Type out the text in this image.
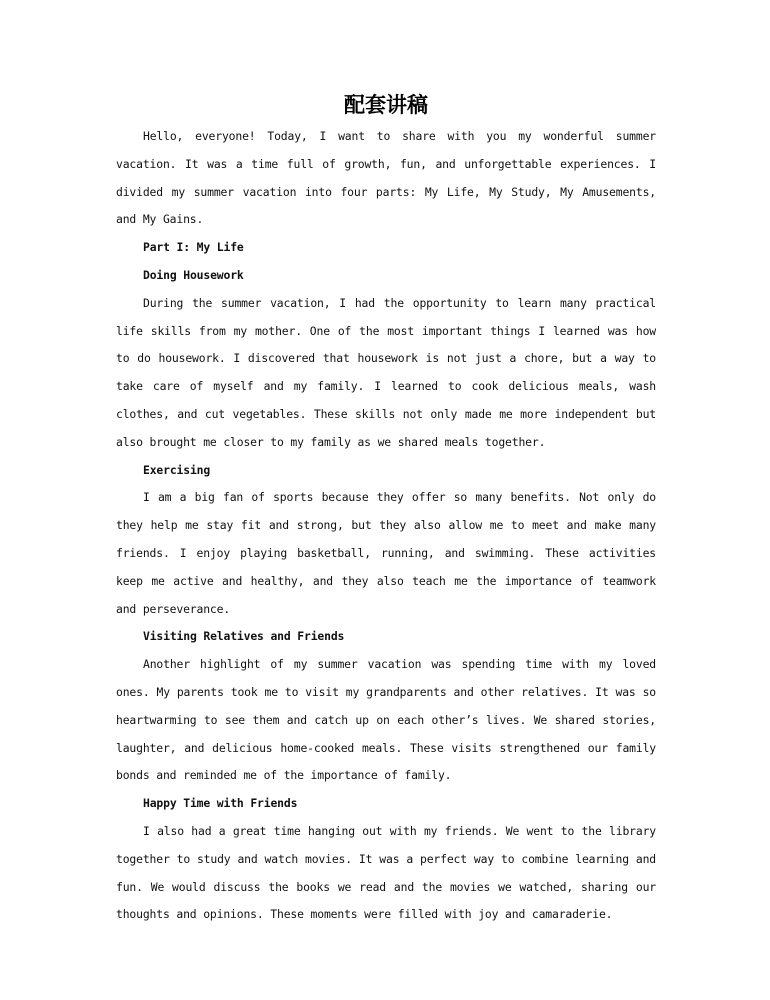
配套讲稿

Hello, everyone! Today, I want to share with you my wonderful summer vacation. It was a time full of growth, fun, and unforgettable experiences. I divided my summer vacation into four parts: My Life, My Study, My Amusements, and My Gains.

Part I: My Life

Doing Housework

During the summer vacation, I had the opportunity to learn many practical life skills from my mother. One of the most important things I learned was how to do housework. I discovered that housework is not just a chore, but a way to take care of myself and my family. I learned to cook delicious meals, wash clothes, and cut vegetables. These skills not only made me more independent but also brought me closer to my family as we shared meals together.

Exercising

I am a big fan of sports because they offer so many benefits. Not only do they help me stay fit and strong, but they also allow me to meet and make many friends. I enjoy playing basketball, running, and swimming. These activities keep me active and healthy, and they also teach me the importance of teamwork and perseverance.

Visiting Relatives and Friends

Another highlight of my summer vacation was spending time with my loved ones. My parents took me to visit my grandparents and other relatives. It was so heartwarming to see them and catch up on each other’s lives. We shared stories, laughter, and delicious home-cooked meals. These visits strengthened our family bonds and reminded me of the importance of family.

Happy Time with Friends

I also had a great time hanging out with my friends. We went to the library together to study and watch movies. It was a perfect way to combine learning and fun. We would discuss the books we read and the movies we watched, sharing our thoughts and opinions. These moments were filled with joy and camaraderie.
